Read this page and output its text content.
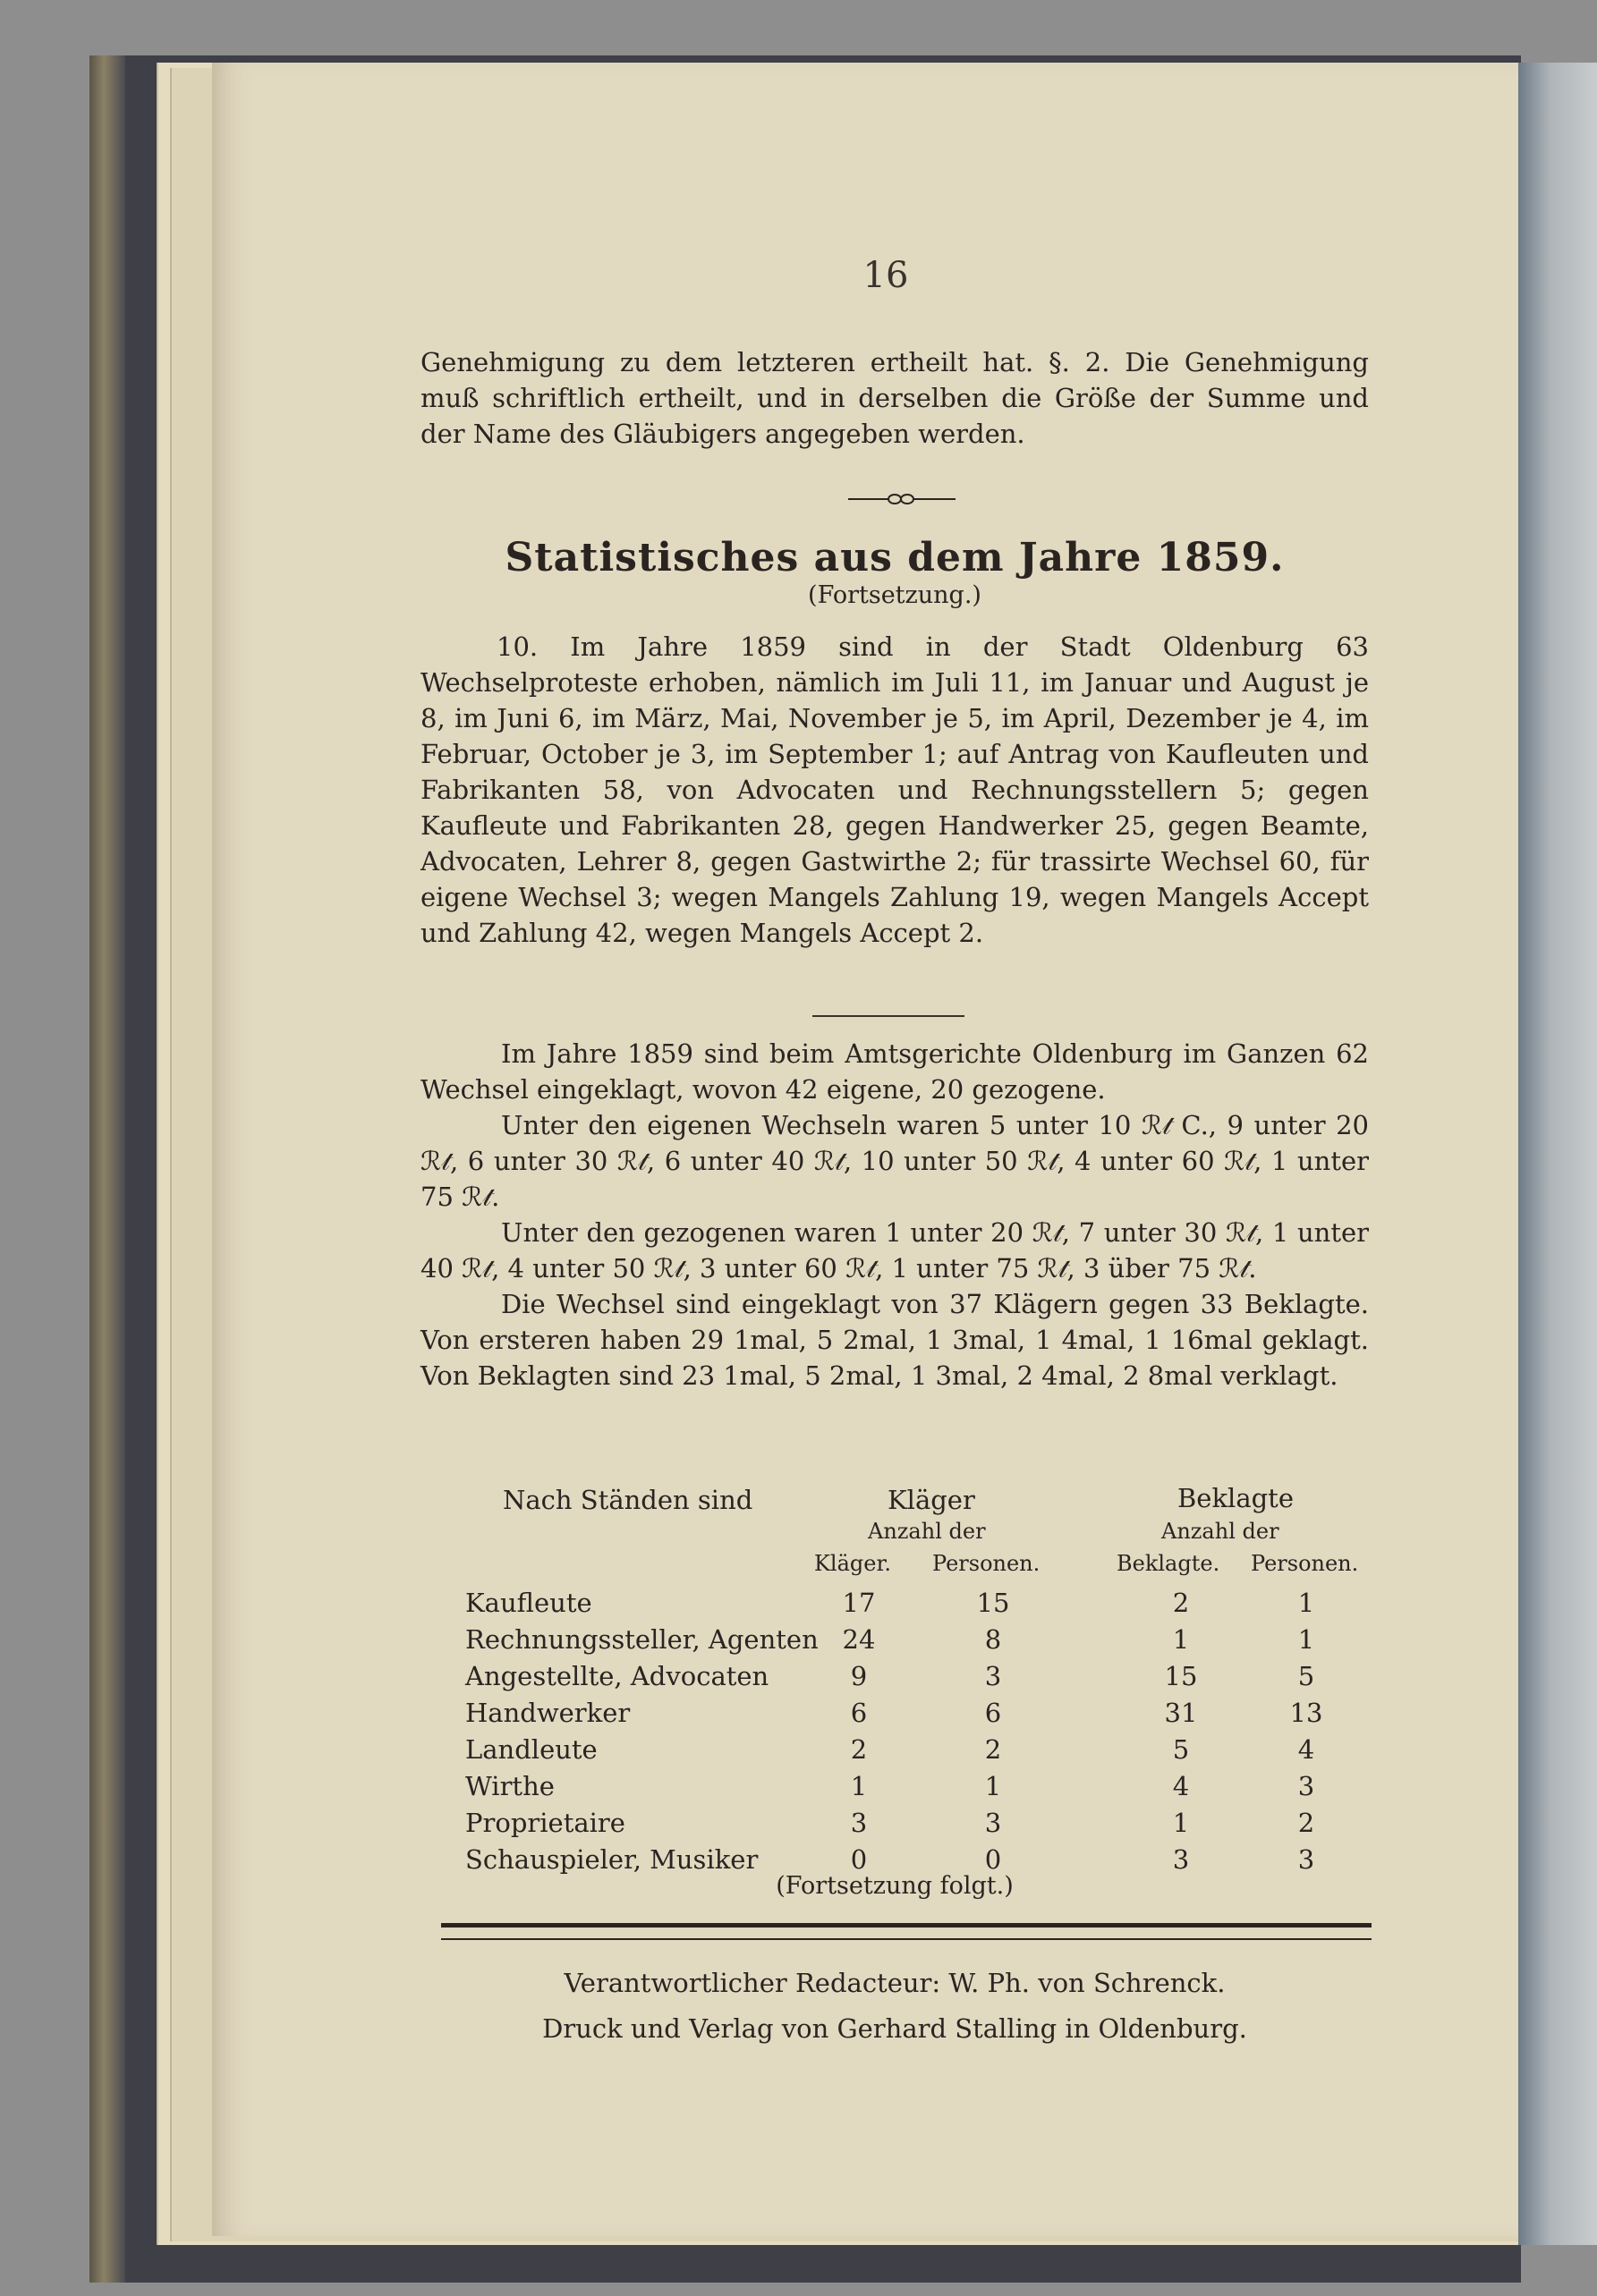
16

Genehmigung zu dem letzteren ertheilt hat. §. 2. Die Genehmigung muß schriftlich ertheilt, und in derselben die Größe der Summe und der Name des Gläubigers angegeben werden.

Statistisches aus dem Jahre 1859.
(Fortsetzung.)

10. Im Jahre 1859 sind in der Stadt Oldenburg 63 Wechselproteste erhoben, nämlich im Juli 11, im Januar und August je 8, im Juni 6, im März, Mai, November je 5, im April, Dezember je 4, im Februar, October je 3, im September 1; auf Antrag von Kaufleuten und Fabrikanten 58, von Advocaten und Rechnungsstellern 5; gegen Kaufleute und Fabrikanten 28, gegen Handwerker 25, gegen Beamte, Advocaten, Lehrer 8, gegen Gastwirthe 2; für trassirte Wechsel 60, für eigene Wechsel 3; wegen Mangels Zahlung 19, wegen Mangels Accept und Zahlung 42, wegen Mangels Accept 2.

Im Jahre 1859 sind beim Amtsgerichte Oldenburg im Ganzen 62 Wechsel eingeklagt, wovon 42 eigene, 20 gezogene.

Unter den eigenen Wechseln waren 5 unter 10 ℛ𝓉 C., 9 unter 20 ℛ𝓉, 6 unter 30 ℛ𝓉, 6 unter 40 ℛ𝓉, 10 unter 50 ℛ𝓉, 4 unter 60 ℛ𝓉, 1 unter 75 ℛ𝓉.

Unter den gezogenen waren 1 unter 20 ℛ𝓉, 7 unter 30 ℛ𝓉, 1 unter 40 ℛ𝓉, 4 unter 50 ℛ𝓉, 3 unter 60 ℛ𝓉, 1 unter 75 ℛ𝓉, 3 über 75 ℛ𝓉.

Die Wechsel sind eingeklagt von 37 Klägern gegen 33 Beklagte. Von ersteren haben 29 1mal, 5 2mal, 1 3mal, 1 4mal, 1 16mal geklagt. Von Beklagten sind 23 1mal, 5 2mal, 1 3mal, 2 4mal, 2 8mal verklagt.

Nach Ständen sind	Kläger	Beklagte
Anzahl der	Anzahl der
Kläger. Personen.	Beklagte. Personen.
Kaufleute	17	15	2	1
Rechnungssteller, Agenten 24	8	1	1
Angestellte, Advocaten	9	3	15	5
Handwerker	6	6	31	13
Landleute	2	2	5	4
Wirthe	1	1	4	3
Proprietaire	3	3	1	2
Schauspieler, Musiker	0	0	3	3
(Fortsetzung folgt.)
Verantwortlicher Redacteur: W. Ph. von Schrenck.
Druck und Verlag von Gerhard Stalling in Oldenburg.
